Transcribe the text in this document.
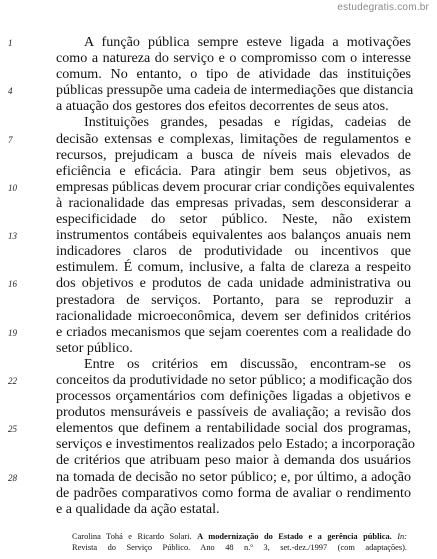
estudegratis.com.br
1	A função pública sempre esteve ligada a motivações
como a natureza do serviço e o compromisso com o interesse
comum. No entanto, o tipo de atividade das instituições
4	públicas pressupõe uma cadeia de intermediações que distancia
a atuação dos gestores dos efeitos decorrentes de seus atos.
Instituições grandes, pesadas e rígidas, cadeias de
7	decisão extensas e complexas, limitações de regulamentos e
recursos, prejudicam a busca de níveis mais elevados de
eficiência e eficácia. Para atingir bem seus objetivos, as
10	empresas públicas devem procurar criar condições equivalentes
à racionalidade das empresas privadas, sem desconsiderar a
especificidade do setor público. Neste, não existem
13	instrumentos contábeis equivalentes aos balanços anuais nem
indicadores claros de produtividade ou incentivos que
estimulem. É comum, inclusive, a falta de clareza a respeito
16	dos objetivos e produtos de cada unidade administrativa ou
prestadora de serviços. Portanto, para se reproduzir a
racionalidade microeconômica, devem ser definidos critérios
19	e criados mecanismos que sejam coerentes com a realidade do
setor público.
Entre os critérios em discussão, encontram-se os
22	conceitos da produtividade no setor público; a modificação dos
processos orçamentários com definições ligadas a objetivos e
produtos mensuráveis e passíveis de avaliação; a revisão dos
25	elementos que definem a rentabilidade social dos programas,
serviços e investimentos realizados pelo Estado; a incorporação
de critérios que atribuam peso maior à demanda dos usuários
28	na tomada de decisão no setor público; e, por último, a adoção
de padrões comparativos como forma de avaliar o rendimento
e a qualidade da ação estatal.
Carolina Tohá e Ricardo Solari. A modernização do Estado e a gerência pública. In:
Revista do Serviço Público. Ano 48 n.º 3, set.-dez./1997 (com adaptações).
